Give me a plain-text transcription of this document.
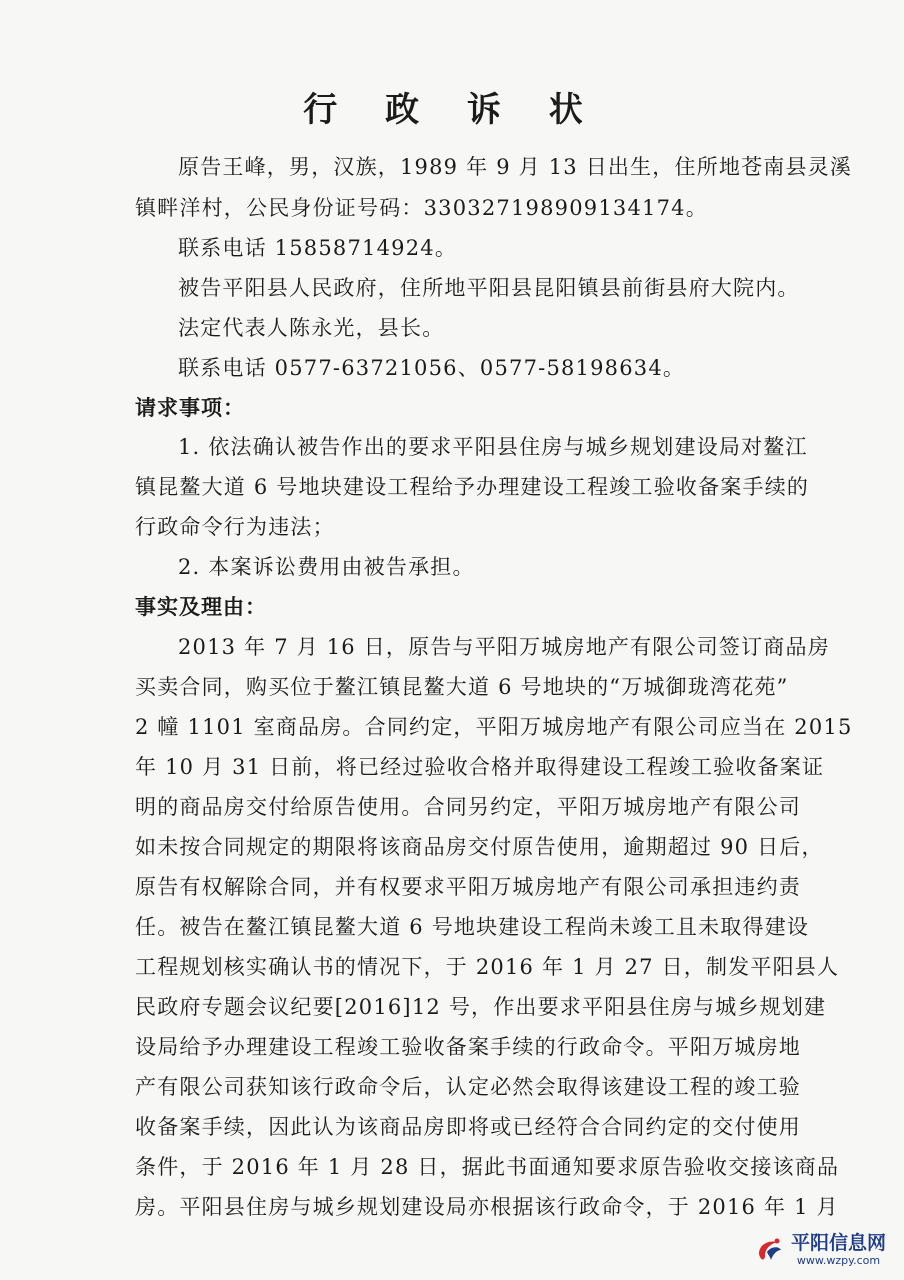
行 政 诉 状
原告王峰，男，汉族，1989 年 9 月 13 日出生，住所地苍南县灵溪
镇畔洋村，公民身份证号码：330327198909134174。
联系电话 15858714924。
被告平阳县人民政府，住所地平阳县昆阳镇县前街县府大院内。
法定代表人陈永光，县长。
联系电话 0577-63721056、0577-58198634。
请求事项：
1. 依法确认被告作出的要求平阳县住房与城乡规划建设局对鳌江
镇昆鳌大道 6 号地块建设工程给予办理建设工程竣工验收备案手续的
行政命令行为违法；
2. 本案诉讼费用由被告承担。
事实及理由：
2013 年 7 月 16 日，原告与平阳万城房地产有限公司签订商品房
买卖合同，购买位于鳌江镇昆鳌大道 6 号地块的“万城御珑湾花苑”
2 幢 1101 室商品房。合同约定，平阳万城房地产有限公司应当在 2015
年 10 月 31 日前，将已经过验收合格并取得建设工程竣工验收备案证
明的商品房交付给原告使用。合同另约定，平阳万城房地产有限公司
如未按合同规定的期限将该商品房交付原告使用，逾期超过 90 日后，
原告有权解除合同，并有权要求平阳万城房地产有限公司承担违约责
任。被告在鳌江镇昆鳌大道 6 号地块建设工程尚未竣工且未取得建设
工程规划核实确认书的情况下，于 2016 年 1 月 27 日，制发平阳县人
民政府专题会议纪要[2016]12 号，作出要求平阳县住房与城乡规划建
设局给予办理建设工程竣工验收备案手续的行政命令。平阳万城房地
产有限公司获知该行政命令后，认定必然会取得该建设工程的竣工验
收备案手续，因此认为该商品房即将或已经符合合同约定的交付使用
条件，于 2016 年 1 月 28 日，据此书面通知要求原告验收交接该商品
房。平阳县住房与城乡规划建设局亦根据该行政命令，于 2016 年 1 月
平阳信息网
www.wzpy.com
